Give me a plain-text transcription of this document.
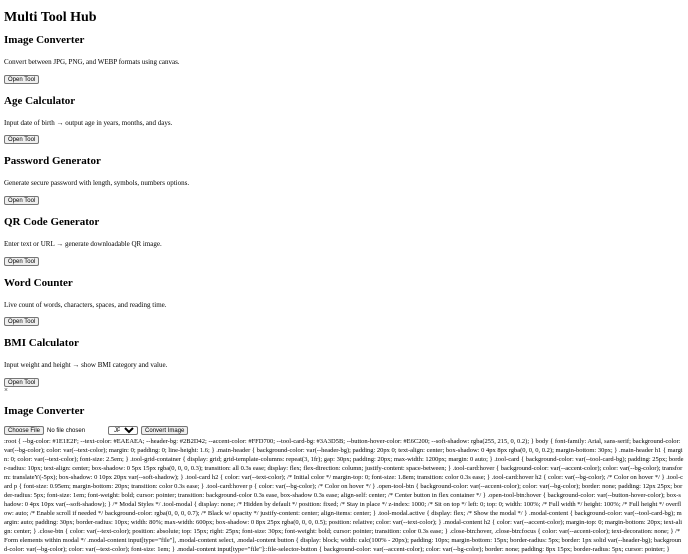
Multi Tool Hub
Image Converter

Convert between JPG, PNG, and WEBP formats using canvas.

Open Tool
Age Calculator

Input date of birth → output age in years, months, and days.

Open Tool
Password Generator

Generate secure password with length, symbols, numbers options.

Open Tool
QR Code Generator

Enter text or URL → generate downloadable QR image.

Open Tool
Word Counter

Live count of words, characters, spaces, and reading time.

Open Tool
BMI Calculator

Input weight and height → show BMI category and value.

Open Tool
×
Image Converter
Choose File	No file chosen
JPG	Convert Image

:root { --bg-color: #1E1E2F; --text-color: #EAEAEA; --header-bg: #2B2D42; --accent-color: #FFD700; --tool-card-bg: #3A3D5B; --button-hover-color: #E6C200; --soft-shadow: rgba(255, 215, 0, 0.2); } body { font-family: Arial, sans-serif; background-color: var(--bg-color); color: var(--text-color); margin: 0; padding: 0; line-height: 1.6; } .main-header { background-color: var(--header-bg); padding: 20px 0; text-align: center; box-shadow: 0 4px 8px rgba(0, 0, 0, 0.2); margin-bottom: 30px; } .main-header h1 { margin: 0; color: var(--text-color); font-size: 2.5em; } .tool-grid-container { display: grid; grid-template-columns: repeat(3, 1fr); gap: 30px; padding: 20px; max-width: 1200px; margin: 0 auto; } .tool-card { background-color: var(--tool-card-bg); padding: 25px; border-radius: 10px; text-align: center; box-shadow: 0 5px 15px rgba(0, 0, 0, 0.3); transition: all 0.3s ease; display: flex; flex-direction: column; justify-content: space-between; } .tool-card:hover { background-color: var(--accent-color); color: var(--bg-color); transform: translateY(-5px); box-shadow: 0 10px 20px var(--soft-shadow); } .tool-card h2 { color: var(--text-color); /* Initial color */ margin-top: 0; font-size: 1.8em; transition: color 0.3s ease; } .tool-card:hover h2 { color: var(--bg-color); /* Color on hover */ } .tool-card p { font-size: 0.95em; margin-bottom: 20px; transition: color 0.3s ease; } .tool-card:hover p { color: var(--bg-color); /* Color on hover */ } .open-tool-btn { background-color: var(--accent-color); color: var(--bg-color); border: none; padding: 12px 25px; border-radius: 5px; font-size: 1em; font-weight: bold; cursor: pointer; transition: background-color 0.3s ease, box-shadow 0.3s ease; align-self: center; /* Center button in flex container */ } .open-tool-btn:hover { background-color: var(--button-hover-color); box-shadow: 0 4px 10px var(--soft-shadow); } /* Modal Styles */ .tool-modal { display: none; /* Hidden by default */ position: fixed; /* Stay in place */ z-index: 1000; /* Sit on top */ left: 0; top: 0; width: 100%; /* Full width */ height: 100%; /* Full height */ overflow: auto; /* Enable scroll if needed */ background-color: rgba(0, 0, 0, 0.7); /* Black w/ opacity */ justify-content: center; align-items: center; } .tool-modal.active { display: flex; /* Show the modal */ } .modal-content { background-color: var(--tool-card-bg); margin: auto; padding: 30px; border-radius: 10px; width: 80%; max-width: 600px; box-shadow: 0 8px 25px rgba(0, 0, 0, 0.5); position: relative; color: var(--text-color); } .modal-content h2 { color: var(--accent-color); margin-top: 0; margin-bottom: 20px; text-align: center; } .close-btn { color: var(--text-color); position: absolute; top: 15px; right: 25px; font-size: 30px; font-weight: bold; cursor: pointer; transition: color 0.3s ease; } .close-btn:hover, .close-btn:focus { color: var(--accent-color); text-decoration: none; } /* Form elements within modal */ .modal-content input[type="file"], .modal-content select, .modal-content button { display: block; width: calc(100% - 20px); padding: 10px; margin-bottom: 15px; border-radius: 5px; border: 1px solid var(--header-bg); background-color: var(--bg-color); color: var(--text-color); font-size: 1em; } .modal-content input[type="file"]::file-selector-button { background-color: var(--accent-color); color: var(--bg-color); border: none; padding: 8px 15px; border-radius: 5px; cursor: pointer; }
